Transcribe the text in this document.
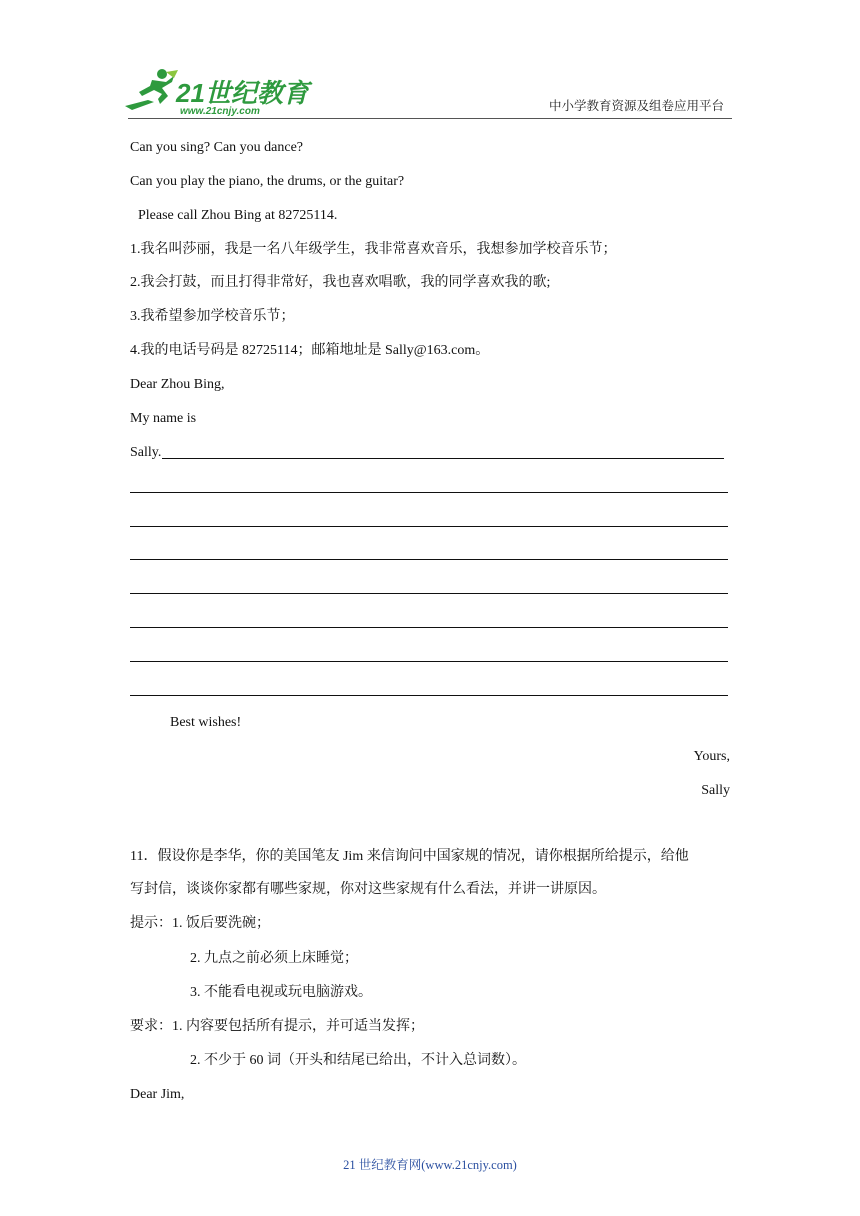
21世纪教育
www.21cnjy.com	中小学教育资源及组卷应用平台
Can you sing? Can you dance?
Can you play the piano, the drums, or the guitar?
Please call Zhou Bing at 82725114.
1.我名叫莎丽，我是一名八年级学生，我非常喜欢音乐，我想参加学校音乐节；
2.我会打鼓，而且打得非常好，我也喜欢唱歌，我的同学喜欢我的歌;
3.我希望参加学校音乐节；
4.我的电话号码是 82725114；邮箱地址是 Sally@163.com。
Dear Zhou Bing,
My name is
Sally.
Best wishes!
Yours,
Sally
11．假设你是李华，你的美国笔友 Jim 来信询问中国家规的情况，请你根据所给提示，给他
写封信，谈谈你家都有哪些家规，你对这些家规有什么看法，并讲一讲原因。
提示：1. 饭后要洗碗；
2. 九点之前必须上床睡觉；
3. 不能看电视或玩电脑游戏。
要求：1. 内容要包括所有提示，并可适当发挥；
2. 不少于 60 词（开头和结尾已给出，不计入总词数）。
Dear Jim,
21 世纪教育网(www.21cnjy.com)
